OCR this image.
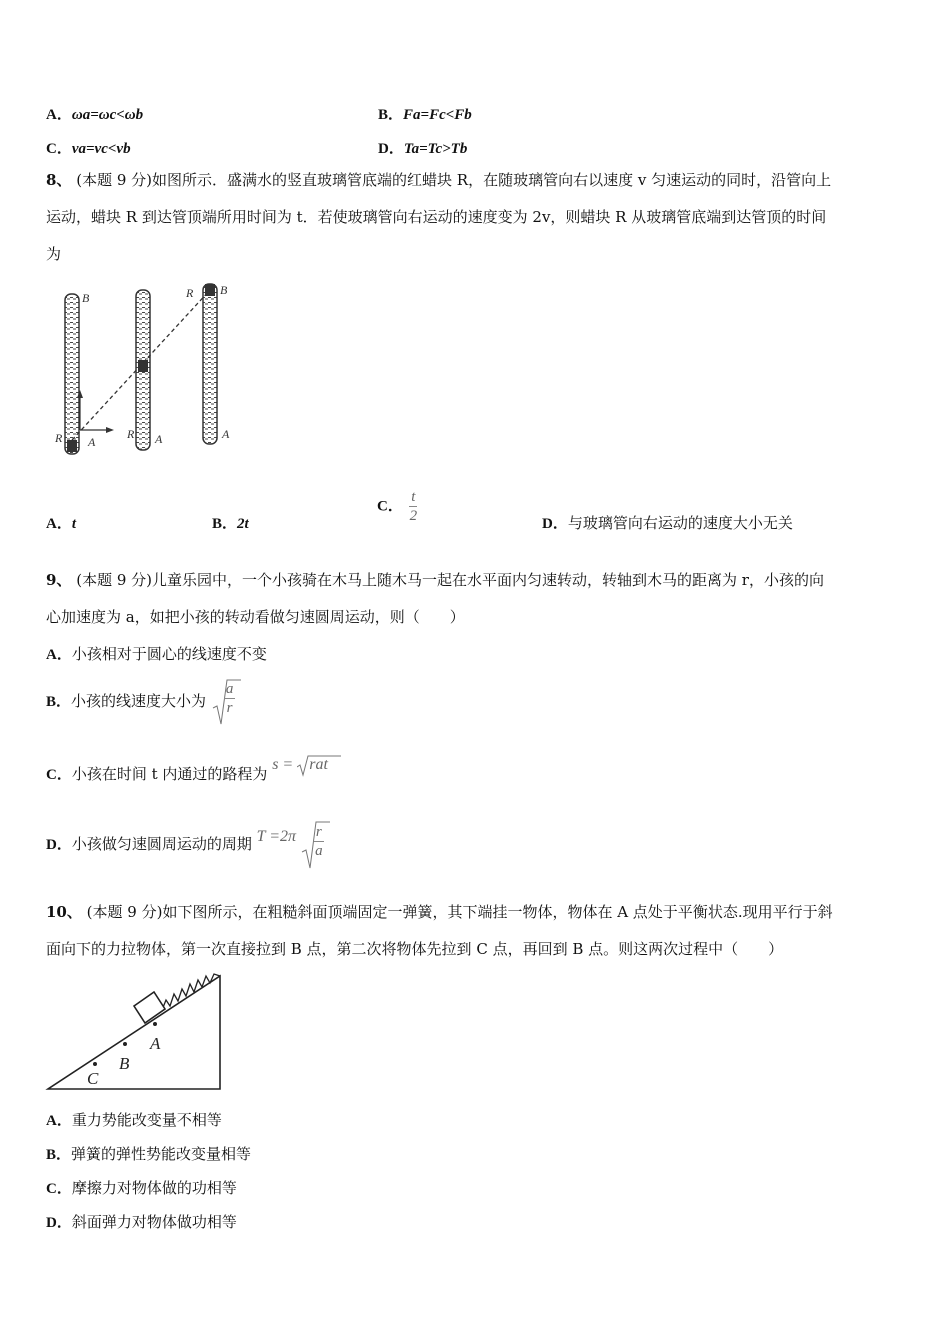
A．ωa=ωc<ωb	B．Fa=Fc<Fb
C．va=vc<vb	D．Ta=Tc>Tb
8、 (本题 9 分)如图所示．盛满水的竖直玻璃管底端的红蜡块 R，在随玻璃管向右以速度 v 匀速运动的同时，沿管向上
运动，蜡块 R 到达管顶端所用时间为 t．若使玻璃管向右运动的速度变为 2v，则蜡块 R 从玻璃管底端到达管顶的时间
为
B
R A
R A
R B
A
A．t	B．2t
C． $\frac{t}{2}$	D．与玻璃管向右运动的速度大小无关
9、 (本题 9 分)儿童乐园中，一个小孩骑在木马上随木马一起在水平面内匀速转动，转轴到木马的距离为 r，小孩的向
心加速度为 a，如把小孩的转动看做匀速圆周运动，则（　　）
A．小孩相对于圆心的线速度不变
B．小孩的线速度大小为 $\frac{a}{r}$
C．小孩在时间 t 内通过的路程为 s = rat
D．小孩做匀速圆周运动的周期 $T =2\pi \frac{r}{a}$
10、 (本题 9 分)如下图所示，在粗糙斜面顶端固定一弹簧，其下端挂一物体，物体在 A 点处于平衡状态.现用平行于斜
面向下的力拉物体，第一次直接拉到 B 点，第二次将物体先拉到 C 点，再回到 B 点。则这两次过程中（　　）
A
B
C
A．重力势能改变量不相等
B．弹簧的弹性势能改变量相等
C．摩擦力对物体做的功相等
D．斜面弹力对物体做功相等
